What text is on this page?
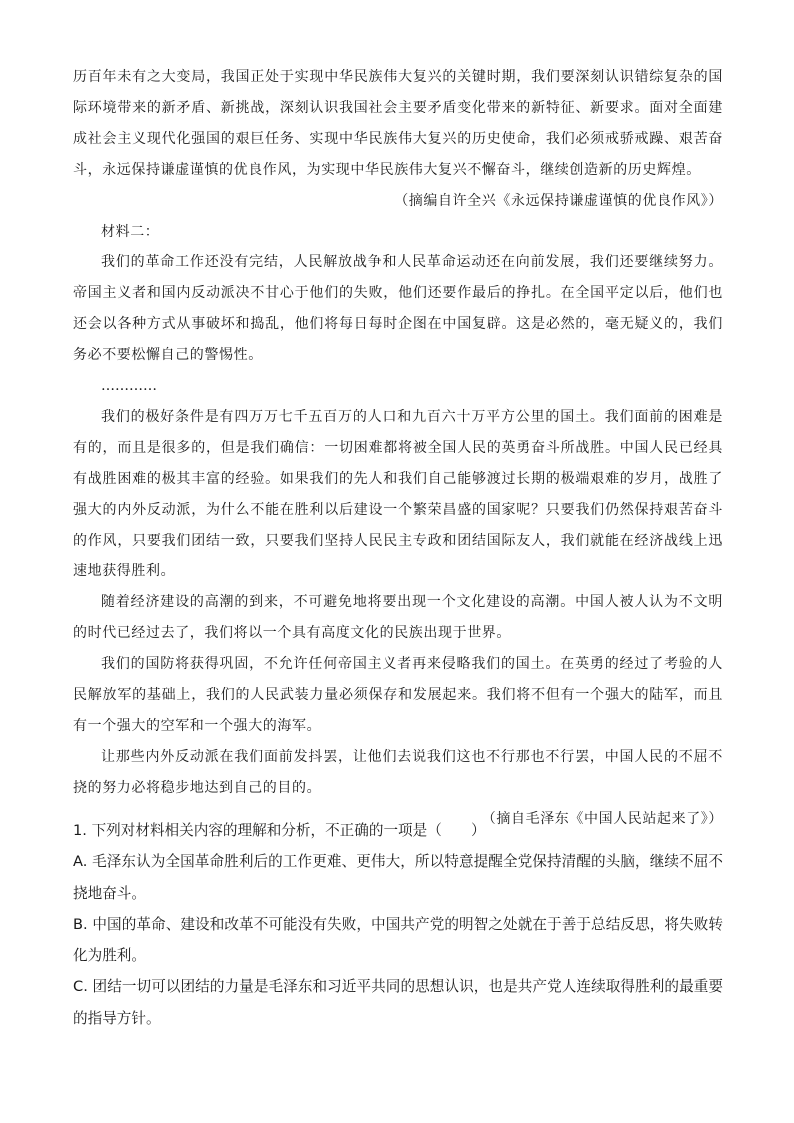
历百年未有之大变局，我国正处于实现中华民族伟大复兴的关键时期，我们要深刻认识错综复杂的国际环境带来的新矛盾、新挑战，深刻认识我国社会主要矛盾变化带来的新特征、新要求。面对全面建成社会主义现代化强国的艰巨任务、实现中华民族伟大复兴的历史使命，我们必须戒骄戒躁、艰苦奋斗，永远保持谦虚谨慎的优良作风，为实现中华民族伟大复兴不懈奋斗，继续创造新的历史辉煌。

（摘编自许全兴《永远保持谦虚谨慎的优良作风》）

材料二：

我们的革命工作还没有完结，人民解放战争和人民革命运动还在向前发展，我们还要继续努力。帝国主义者和国内反动派决不甘心于他们的失败，他们还要作最后的挣扎。在全国平定以后，他们也还会以各种方式从事破坏和捣乱，他们将每日每时企图在中国复辟。这是必然的，毫无疑义的，我们务必不要松懈自己的警惕性。

…………

我们的极好条件是有四万万七千五百万的人口和九百六十万平方公里的国土。我们面前的困难是有的，而且是很多的，但是我们确信：一切困难都将被全国人民的英勇奋斗所战胜。中国人民已经具有战胜困难的极其丰富的经验。如果我们的先人和我们自己能够渡过长期的极端艰难的岁月，战胜了强大的内外反动派，为什么不能在胜利以后建设一个繁荣昌盛的国家呢？只要我们仍然保持艰苦奋斗的作风，只要我们团结一致，只要我们坚持人民民主专政和团结国际友人，我们就能在经济战线上迅速地获得胜利。

随着经济建设的高潮的到来，不可避免地将要出现一个文化建设的高潮。中国人被人认为不文明的时代已经过去了，我们将以一个具有高度文化的民族出现于世界。

我们的国防将获得巩固，不允许任何帝国主义者再来侵略我们的国土。在英勇的经过了考验的人民解放军的基础上，我们的人民武装力量必须保存和发展起来。我们将不但有一个强大的陆军，而且有一个强大的空军和一个强大的海军。

让那些内外反动派在我们面前发抖罢，让他们去说我们这也不行那也不行罢，中国人民的不屈不挠的努力必将稳步地达到自己的目的。

（摘自毛泽东《中国人民站起来了》）

1. 下列对材料相关内容的理解和分析，不正确的一项是（　　）

A. 毛泽东认为全国革命胜利后的工作更难、更伟大，所以特意提醒全党保持清醒的头脑，继续不屈不挠地奋斗。

B. 中国的革命、建设和改革不可能没有失败，中国共产党的明智之处就在于善于总结反思，将失败转化为胜利。

C. 团结一切可以团结的力量是毛泽东和习近平共同的思想认识，也是共产党人连续取得胜利的最重要的指导方针。
